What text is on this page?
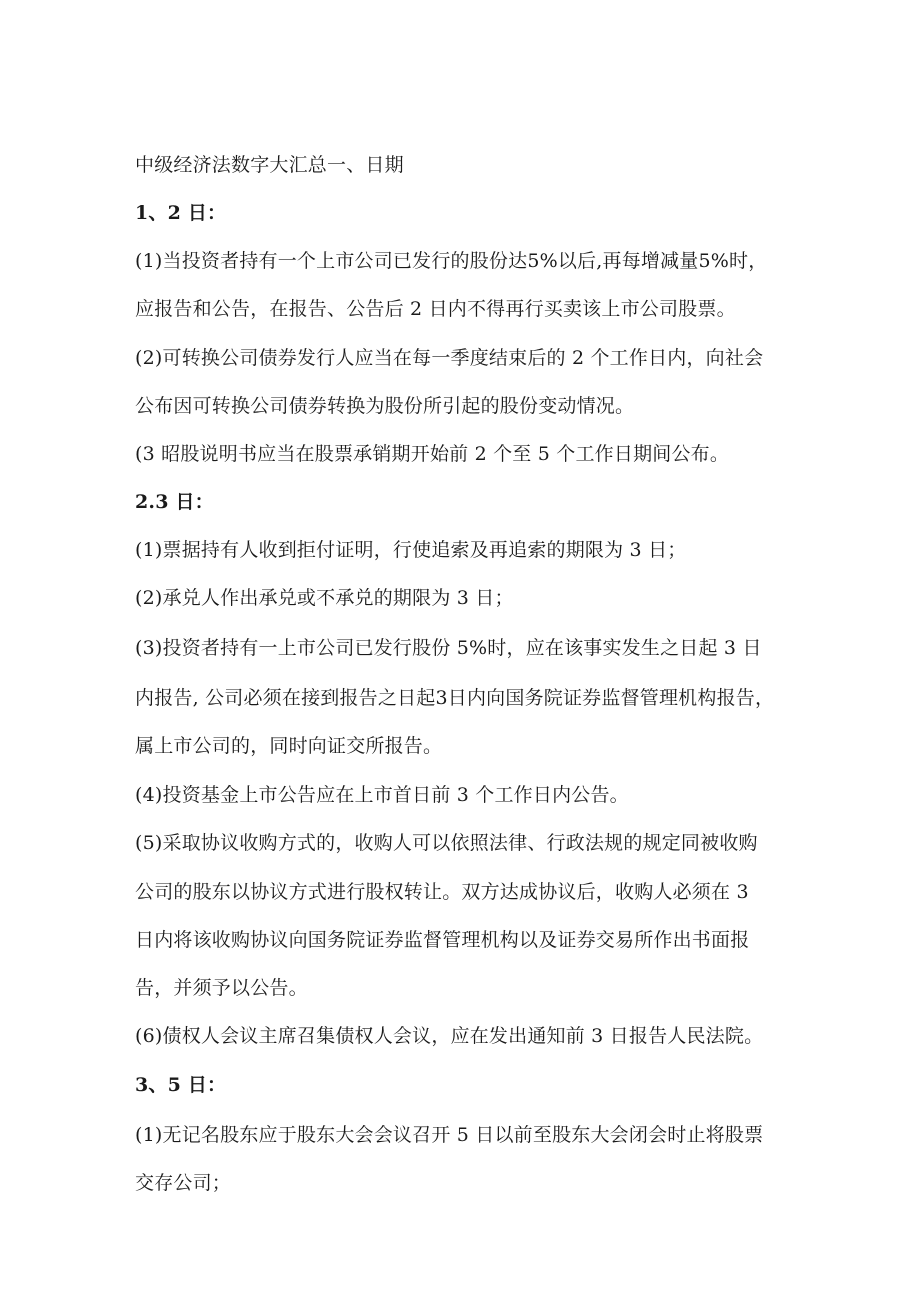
中级经济法数字大汇总一、日期
1、2 日：
(1)当投资者持有一个上市公司已发行的股份达5%以后,再每增减量5%时，
应报告和公告，在报告、公告后 2 日内不得再行买卖该上市公司股票。
(2)可转换公司债券发行人应当在每一季度结束后的 2 个工作日内，向社会
公布因可转换公司债券转换为股份所引起的股份变动情况。
(3 昭股说明书应当在股票承销期开始前 2 个至 5 个工作日期间公布。
2.3 日：
(1)票据持有人收到拒付证明，行使追索及再追索的期限为 3 日；
(2)承兑人作出承兑或不承兑的期限为 3 日；
(3)投资者持有一上市公司已发行股份 5%时，应在该事实发生之日起 3 日
内报告, 公司必须在接到报告之日起3日内向国务院证券监督管理机构报告，
属上市公司的，同时向证交所报告。
(4)投资基金上市公告应在上市首日前 3 个工作日内公告。
(5)采取协议收购方式的，收购人可以依照法律、行政法规的规定同被收购
公司的股东以协议方式进行股权转让。双方达成协议后，收购人必须在 3
日内将该收购协议向国务院证券监督管理机构以及证券交易所作出书面报
告，并须予以公告。
(6)债权人会议主席召集债权人会议，应在发出通知前 3 日报告人民法院。
3、5 日：
(1)无记名股东应于股东大会会议召开 5 日以前至股东大会闭会时止将股票
交存公司；
